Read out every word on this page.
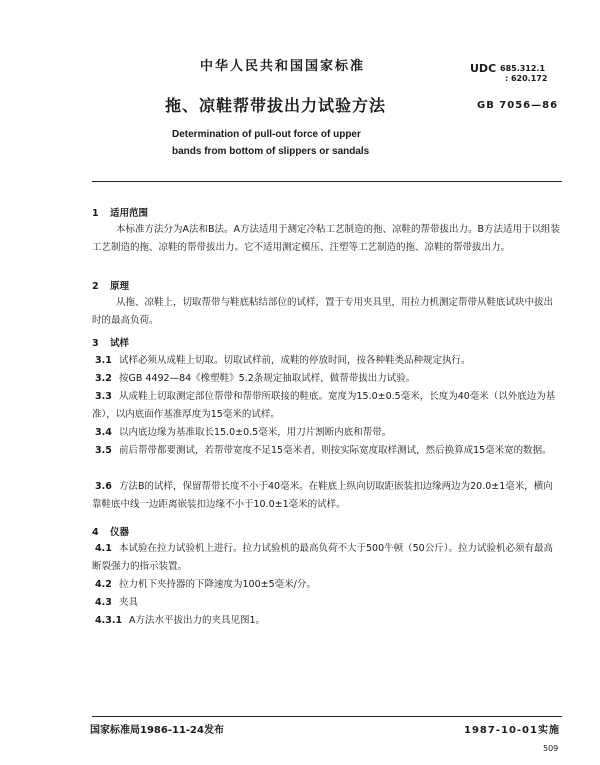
中华人民共和国国家标准	UDC 685.312.1
: 620.172
拖、凉鞋帮带拔出力试验方法	GB 7056—86
Determination of pull-out force of upper
bands from bottom of slippers or sandals
1 适用范围
本标准方法分为A法和B法。A方法适用于测定冷粘工艺制造的拖、凉鞋的帮带拔出力。B方法适用于以组装工艺制造的拖、凉鞋的帮带拔出力。它不适用测定模压、注塑等工艺制造的拖、凉鞋的帮带拔出力。
2 原理
从拖、凉鞋上，切取帮带与鞋底粘结部位的试样，置于专用夹具里，用拉力机测定帮带从鞋底试块中拔出时的最高负荷。
3 试样
3.1 试样必须从成鞋上切取。切取试样前，成鞋的停放时间，按各种鞋类品种规定执行。
3.2 按GB 4492—84《橡塑鞋》5.2条规定抽取试样，做帮带拔出力试验。
3.3 从成鞋上切取测定部位帮带和帮带所联接的鞋底。宽度为15.0±0.5毫米，长度为40毫米（以外底边为基准），以内底面作基准厚度为15毫米的试样。
3.4 以内底边缘为基准取长15.0±0.5毫米，用刀片割断内底和帮带。
3.5 前后帮带都要测试，若帮带宽度不足15毫米者，则按实际宽度取样测试，然后换算成15毫米宽的数据。
3.6 方法B的试样，保留帮带长度不小于40毫米。在鞋底上纵向切取距嵌装扣边缘两边为20.0±1毫米，横向靠鞋底中线一边距离嵌装扣边缘不小于10.0±1毫米的试样。
4 仪器
4.1 本试验在拉力试验机上进行。拉力试验机的最高负荷不大于500牛顿（50公斤）。拉力试验机必须有最高断裂强力的指示装置。
4.2 拉力机下夹持器的下降速度为100±5毫米/分。
4.3 夹具
4.3.1 A方法水平拔出力的夹具见图1。
国家标准局1986-11-24发布	1987-10-01实施
509
